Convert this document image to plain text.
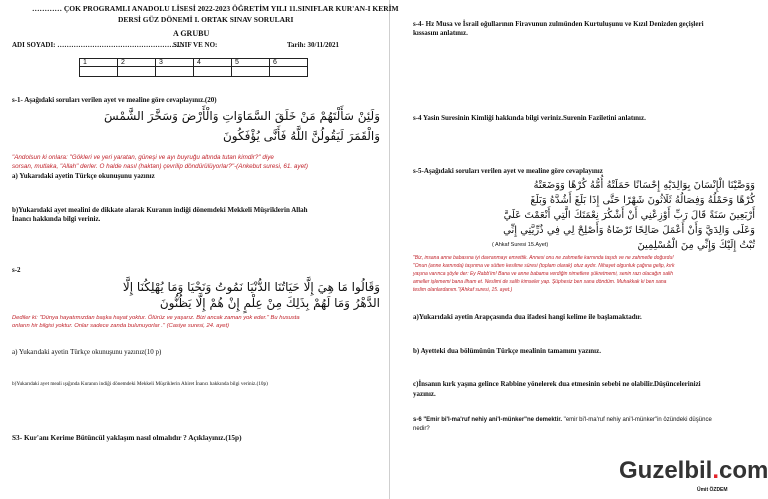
………… ÇOK PROGRAMLI ANADOLU LİSESİ 2022-2023 ÖĞRETİM YILI 11.SINIFLAR KUR'AN-I KERİM
DERSİ GÜZ DÖNEMİ I. ORTAK SINAV SORULARI
A GRUBU
ADI SOYADI: ………………………………………………
SINIF VE NO:	Tarih: 30/11/2021
1	2	3	4	5	6

s-1- Aşağıdaki soruları verilen ayet ve mealine göre cevaplayınız.(20)
وَلَئِنْ سَأَلْتَهُمْ مَنْ خَلَقَ السَّمَاوَاتِ وَالْأَرْضَ وَسَخَّرَ الشَّمْسَ
وَالْقَمَرَ لَيَقُولُنَّ اللَّهُ فَأَنَّى يُؤْفَكُونَ
"Andolsun ki onlara: "Gökleri ve yeri yaratan, güneşi ve ayı buyruğu altında tutan kimdir?" diye
sorsan, mutlaka, "Allah" derler. O halde nasıl (haktan) çevrilip döndürülüyorlar?"-(Ankebut suresi, 61. ayet)
a) Yukarıdaki ayetin Türkçe okunuşunu yazınız
b)Yukarıdaki ayet mealini de dikkate alarak Kuranın indiği dönemdeki Mekkeli Müşriklerin Allah
İnancı hakkında bilgi veriniz.
s-2
وَقَالُوا مَا هِيَ إِلَّا حَيَاتُنَا الدُّنْيَا نَمُوتُ وَنَحْيَا وَمَا يُهْلِكُنَا إِلَّا
الدَّهْرُ وَمَا لَهُمْ بِذَلِكَ مِنْ عِلْمٍ إِنْ هُمْ إِلَّا يَظُنُّونَ
Dediler ki: "Dünya hayatımızdan başka hayat yoktur. Ölürüz ve yaşarız. Bizi ancak zaman yok eder." Bu hususta
onların hir bilgisi yoktur. Onlar sadece zanda bulunuyorlar ." (Casiye suresi, 24. ayet)
a) Yukarıdaki ayetin Türkçe okunuşunu yazınız(10 p)
b)Yukarıdaki ayet meali ışığında Kuranın indiği dönemdeki Mekkeli Müşriklerin Ahiret İnancı hakkında bilgi veriniz.(10p)
S3- Kur'anı Kerime Bütüncül yaklaşım nasıl olmalıdır ? Açıklayınız.(15p)
s-4- Hz Musa ve İsrail oğullarının Firavunun zulmünden Kurtuluşunu ve Kızıl Denizden geçişleri
kıssasını anlatınız.
s-4 Yasin Suresinin Kimliği hakkında bilgi veriniz.Surenin Faziletini anlatınız.
s-5-Aşağıdaki soruları verilen ayet ve mealine göre cevaplayınız
وَوَصَّيْنَا الْإِنْسَانَ بِوَالِدَيْهِ إِحْسَانًا حَمَلَتْهُ أُمُّهُ كُرْهًا وَوَضَعَتْهُ
كُرْهًا وَحَمْلُهُ وَفِصَالُهُ ثَلَاثُونَ شَهْرًا حَتَّى إِذَا بَلَغَ أَشُدَّهُ وَبَلَغَ
أَرْبَعِينَ سَنَةً قَالَ رَبِّ أَوْزِعْنِي أَنْ أَشْكُرَ نِعْمَتَكَ الَّتِي أَنْعَمْتَ عَلَيَّ
وَعَلَى وَالِدَيَّ وَأَنْ أَعْمَلَ صَالِحًا تَرْضَاهُ وَأَصْلِحْ لِي فِي ذُرِّيَّتِي إِنِّي
تُبْتُ إِلَيْكَ وَإِنِّي مِنَ الْمُسْلِمِينَ
( Ahkaf Suresi 15.Ayet)
"Biz, insana anne babasına iyi davranmayı emrettik. Annesi onu ne zahmetle karnında taşıdı ve ne zahmetle doğurdu!
"Onun (anne karnında) taşınma ve sütten kesilme süresi (toplam olarak) otuz aydır. Nihayet olgunluk çağına gelip, kırk
yaşına varınca şöyle der: Ey Rabb'im! Bana ve anne babama verdiğin nimetlere şükretmemi, senin razı olacağın salih
ameller işlememi bana ilham et. Neslimi de salih kimseler yap. Şüphesiz ben sana döndüm. Muhakkak ki ben sana
teslim olanlardanım."(Ahkaf suresi, 15. ayet.)
a)Yukarıdaki ayetin Arapçasında dua ifadesi hangi kelime ile başlamaktadır.
b) Ayetteki dua bölümünün Türkçe mealinin tamamını yazınız.
c)İnsanın kırk yaşına gelince Rabbine yönelerek dua etmesinin sebebi ne olabilir.Düşüncelerinizi
yazınız.
s-6 "Emir bi'l-ma'ruf nehiy ani'l-münker"ne demektir. "emir bi'l-ma'ruf nehiy ani'l-münker"in özündeki düşünce
nedir?
Guzelbil.com
Ümit ÖZDEM
